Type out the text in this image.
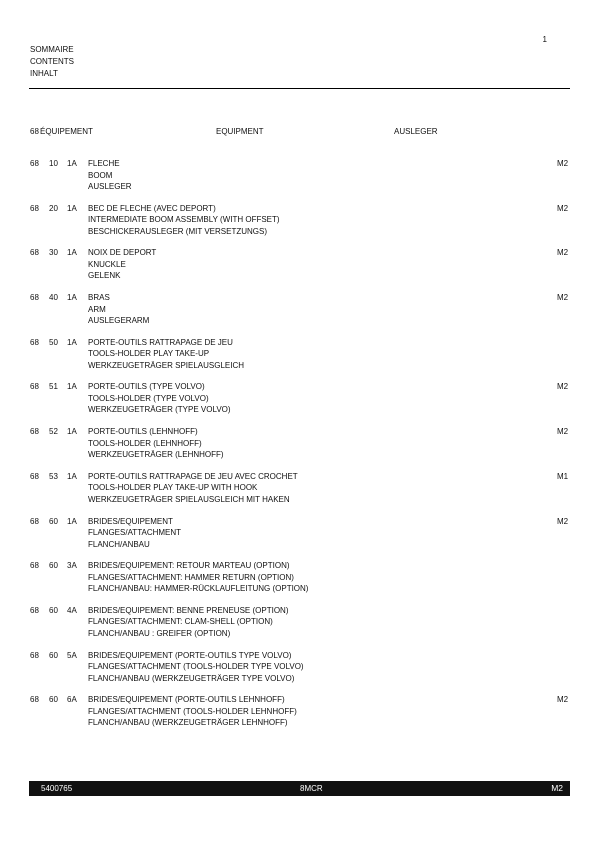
1
SOMMAIRE
CONTENTS
INHALT
68 ÉQUIPEMENT	EQUIPMENT	AUSLEGER
68 10 1A	M2
FLECHE
BOOM
AUSLEGER
68 20 1A	M2
BEC DE FLECHE (AVEC DEPORT)
INTERMEDIATE BOOM ASSEMBLY (WITH OFFSET)
BESCHICKERAUSLEGER (MIT VERSETZUNGS)
68 30 1A	M2
NOIX DE DEPORT
KNUCKLE
GELENK
68 40 1A	M2
BRAS
ARM
AUSLEGERARM
68 50 1A PORTE-OUTILS RATTRAPAGE DE JEU
TOOLS-HOLDER PLAY TAKE-UP
WERKZEUGETRÄGER SPIELAUSGLEICH
68 51 1A	M2
PORTE-OUTILS (TYPE VOLVO)
TOOLS-HOLDER (TYPE VOLVO)
WERKZEUGETRÄGER (TYPE VOLVO)
68 52 1A	M2
PORTE-OUTILS (LEHNHOFF)
TOOLS-HOLDER (LEHNHOFF)
WERKZEUGETRÄGER (LEHNHOFF)
68 53 1A	M1
PORTE-OUTILS RATTRAPAGE DE JEU AVEC CROCHET
TOOLS-HOLDER PLAY TAKE-UP WITH HOOK
WERKZEUGETRÄGER SPIELAUSGLEICH MIT HAKEN
68 60 1A	M2
BRIDES/EQUIPEMENT
FLANGES/ATTACHMENT
FLANCH/ANBAU
68 60 3A BRIDES/EQUIPEMENT: RETOUR MARTEAU (OPTION)
FLANGES/ATTACHMENT: HAMMER RETURN (OPTION)
FLANCH/ANBAU: HAMMER-RÜCKLAUFLEITUNG (OPTION)
68 60 4A BRIDES/EQUIPEMENT: BENNE PRENEUSE (OPTION)
FLANGES/ATTACHMENT: CLAM-SHELL (OPTION)
FLANCH/ANBAU : GREIFER (OPTION)
68 60 5A BRIDES/EQUIPEMENT (PORTE-OUTILS TYPE VOLVO)
FLANGES/ATTACHMENT (TOOLS-HOLDER TYPE VOLVO)
FLANCH/ANBAU (WERKZEUGETRÄGER TYPE VOLVO)
68 60 6A	M2
BRIDES/EQUIPEMENT (PORTE-OUTILS LEHNHOFF)
FLANGES/ATTACHMENT (TOOLS-HOLDER LEHNHOFF)
FLANCH/ANBAU (WERKZEUGETRÄGER LEHNHOFF)
5400765	8MCR	M2
